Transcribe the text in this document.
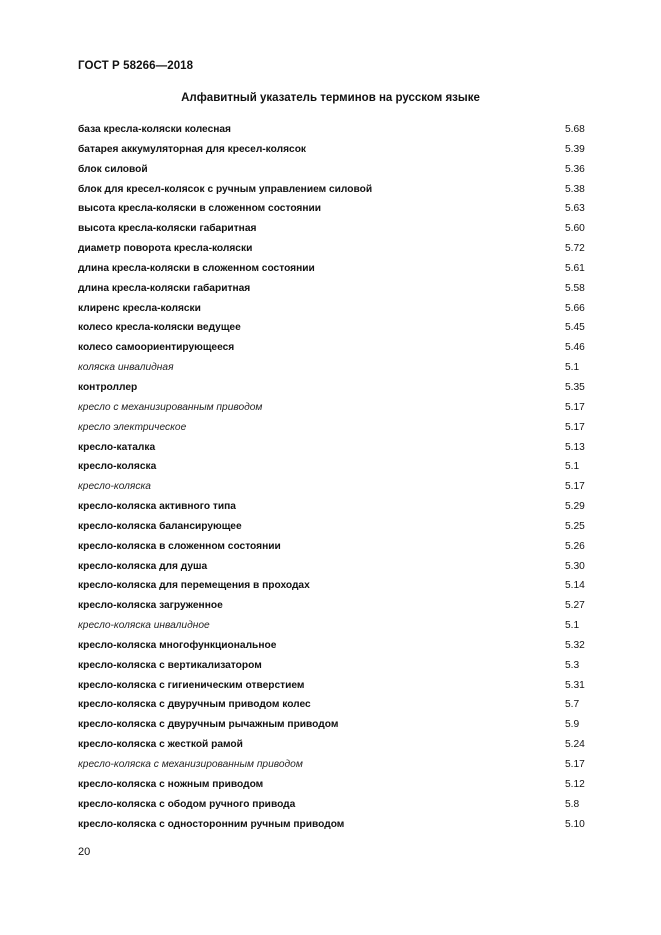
ГОСТ Р 58266—2018
Алфавитный указатель терминов на русском языке
база кресла-коляски колесная	5.68
батарея аккумуляторная для кресел-колясок	5.39
блок силовой	5.36
блок для кресел-колясок с ручным управлением силовой	5.38
высота кресла-коляски в сложенном состоянии	5.63
высота кресла-коляски габаритная	5.60
диаметр поворота кресла-коляски	5.72
длина кресла-коляски в сложенном состоянии	5.61
длина кресла-коляски габаритная	5.58
клиренс кресла-коляски	5.66
колесо кресла-коляски ведущее	5.45
колесо самоориентирующееся	5.46
коляска инвалидная	5.1
контроллер	5.35
кресло с механизированным приводом	5.17
кресло электрическое	5.17
кресло-каталка	5.13
кресло-коляска	5.1
кресло-коляска	5.17
кресло-коляска активного типа	5.29
кресло-коляска балансирующее	5.25
кресло-коляска в сложенном состоянии	5.26
кресло-коляска для душа	5.30
кресло-коляска для перемещения в проходах	5.14
кресло-коляска загруженное	5.27
кресло-коляска инвалидное	5.1
кресло-коляска многофункциональное	5.32
кресло-коляска с вертикализатором	5.3
кресло-коляска с гигиеническим отверстием	5.31
кресло-коляска с двуручным приводом колес	5.7
кресло-коляска с двуручным рычажным приводом	5.9
кресло-коляска с жесткой рамой	5.24
кресло-коляска с механизированным приводом	5.17
кресло-коляска с ножным приводом	5.12
кресло-коляска с ободом ручного привода	5.8
кресло-коляска с односторонним ручным приводом	5.10
20
